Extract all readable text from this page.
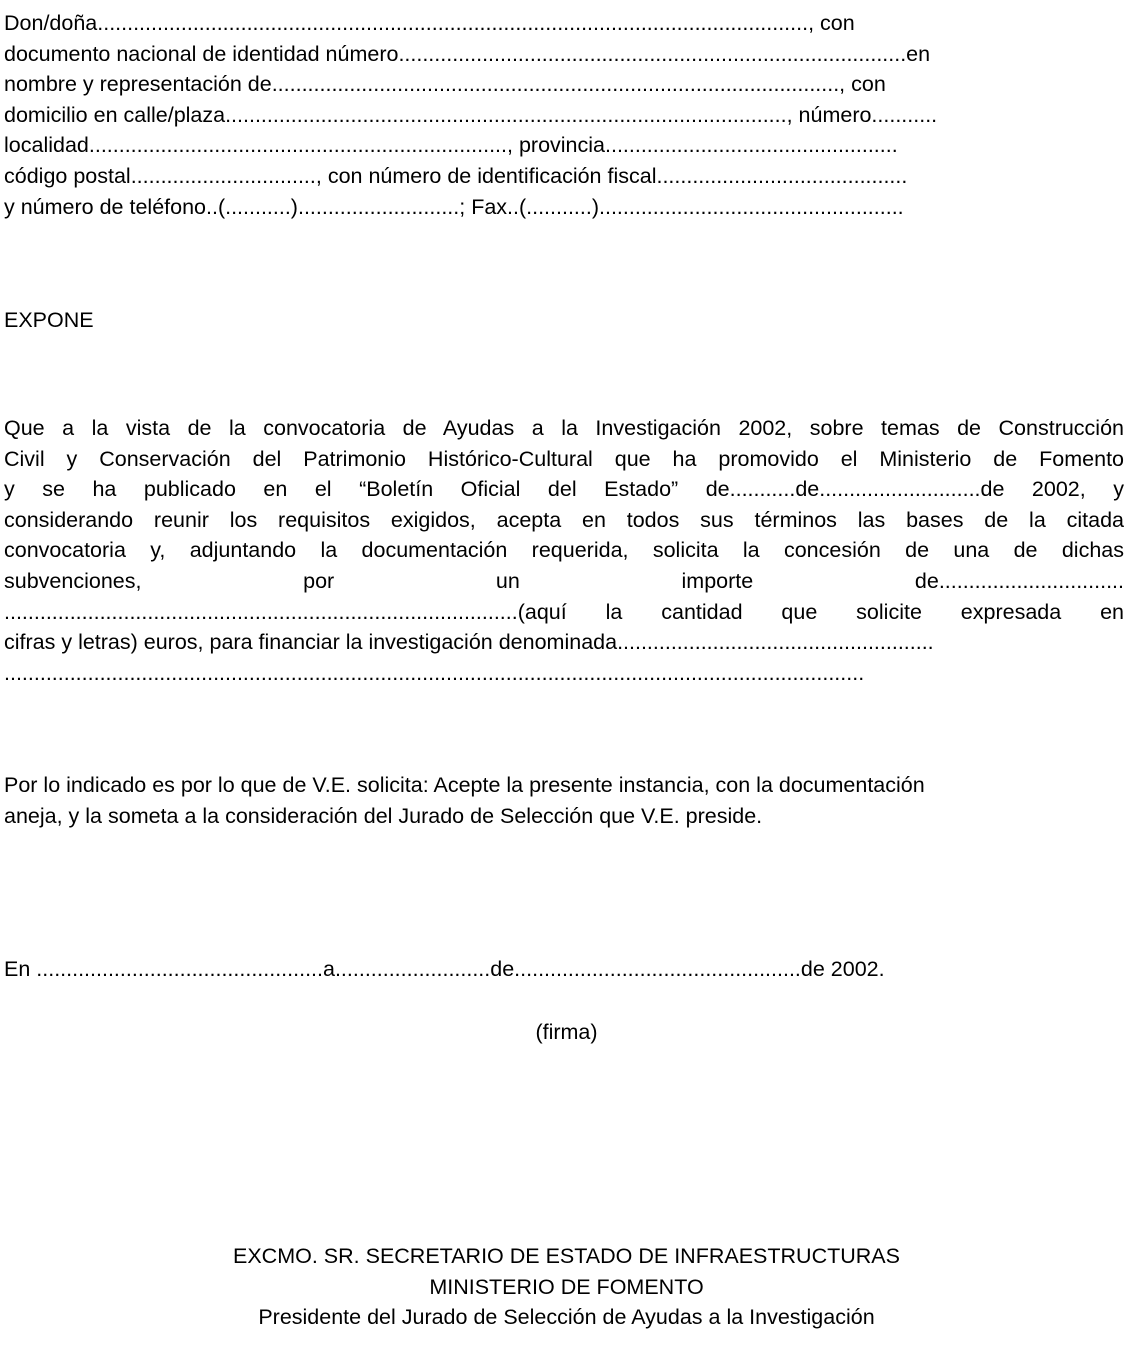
Don/doña......................................................................................................................., con
documento nacional de identidad número.....................................................................................en
nombre y representación de..............................................................................................., con
domicilio en calle/plaza.............................................................................................., número...........
localidad......................................................................, provincia.................................................
código postal..............................., con número de identificación fiscal..........................................
y número de teléfono..(...........)...........................; Fax..(...........)...................................................
EXPONE
Que a la vista de la convocatoria de Ayudas a la Investigación 2002, sobre temas de Construcción
Civil y Conservación del Patrimonio Histórico-Cultural que ha promovido el Ministerio de Fomento
y se ha publicado en el “Boletín Oficial del Estado” de...........de...........................de 2002, y
considerando reunir los requisitos exigidos, acepta en todos sus términos las bases de la citada
convocatoria y, adjuntando la documentación requerida, solicita la concesión de una de dichas
subvenciones, por un importe de...............................
......................................................................................(aquí la cantidad que solicite expresada en
cifras y letras) euros, para financiar la investigación denominada.....................................................
................................................................................................................................................
Por lo indicado es por lo que de V.E. solicita: Acepte la presente instancia, con la documentación
aneja, y la someta a la consideración del Jurado de Selección que V.E. preside.
En ................................................a..........................de................................................de 2002.
(firma)
EXCMO. SR. SECRETARIO DE ESTADO DE INFRAESTRUCTURAS
MINISTERIO DE FOMENTO
Presidente del Jurado de Selección de Ayudas a la Investigación
